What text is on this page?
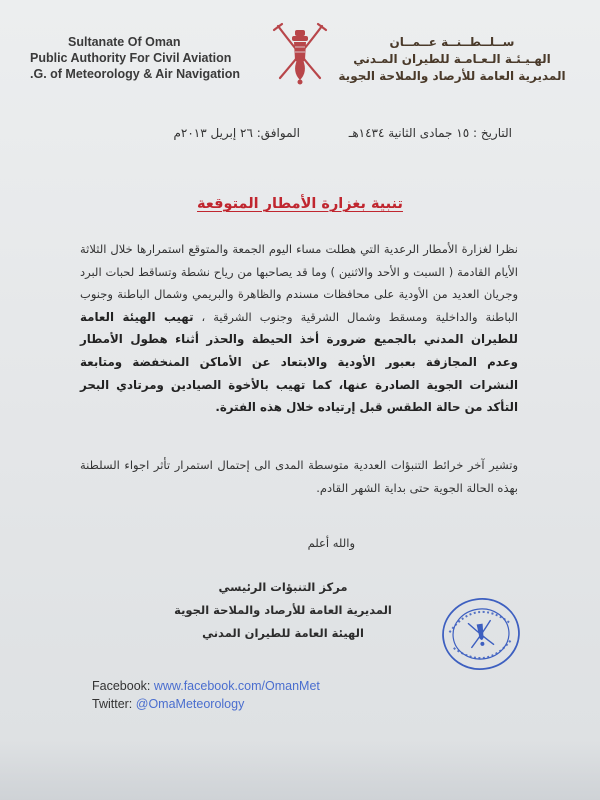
Sultanate Of Oman
Public Authority For Civil Aviation
.G. of Meteorology & Air Navigation
ســلــطــنــة عــمــان
الهـيـئـة الـعـامـة للطيران المـدني
المديرية العامة للأرصاد والملاحة الجوية
التاريخ : ١٥ جمادى الثانية ١٤٣٤هـ
الموافق: ٢٦ إبريل ٢٠١٣م
تنبية بغزارة الأمطار المتوقعة
نظرا لغزارة الأمطار الرعدية التي هطلت مساء اليوم الجمعة والمتوقع استمرارها خلال الثلاثة الأيام القادمة ( السبت و الأحد والاثنين ) وما قد يصاحبها من رياح نشطة وتساقط لحبات البرد وجريان العديد من الأودية على محافظات مسندم والظاهرة والبريمي وشمال الباطنة وجنوب الباطنة والداخلية ومسقط وشمال الشرقية وجنوب الشرقية ، تهيب الهيئة العامة للطيران المدني بالجميع ضرورة أخذ الحيطة والحذر أثناء هطول الأمطار وعدم المجازفة بعبور الأودية والابتعاد عن الأماكن المنخفضة ومتابعة النشرات الجوية الصادرة عنها، كما تهيب بالأخوة الصيادين ومرتادي البحر التأكد من حالة الطقس قبل إرتياده خلال هذه الفترة.
وتشير آخر خرائط التنبؤات العددية متوسطة المدى الى إحتمال استمرار تأثر اجواء السلطنة بهذه الحالة الجوية حتى بداية الشهر القادم.
والله أعلم
مركز التنبؤات الرئيسي
المديرية العامة للأرصاد والملاحة الجوية
الهيئة العامة للطيران المدني
Facebook: www.facebook.com/OmanMet
Twitter: @OmaMeteorology
